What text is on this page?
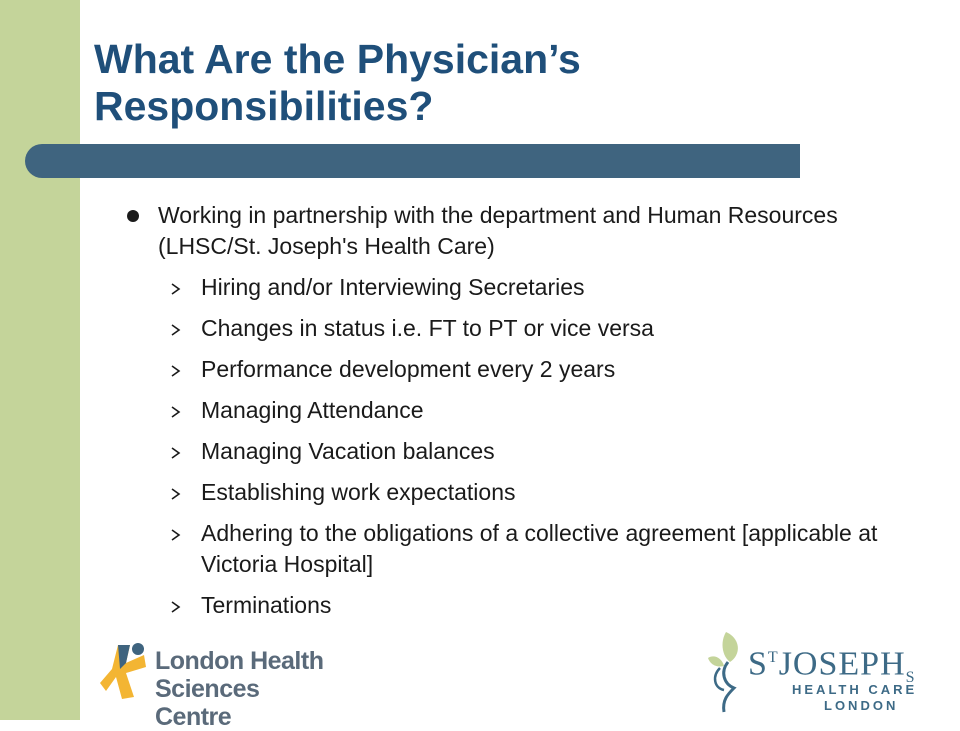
What Are the Physician’s
Responsibilities?
Working in partnership with the department and Human Resources (LHSC/St. Joseph's Health Care)
Hiring and/or Interviewing Secretaries
Changes in status i.e. FT to PT or vice versa
Performance development every 2 years
Managing Attendance
Managing Vacation balances
Establishing work expectations
Adhering to the obligations of a collective agreement [applicable at Victoria Hospital]
Terminations
London Health
Sciences Centre
$S^TJOSEPH_S$
HEALTH CARE
LONDON
